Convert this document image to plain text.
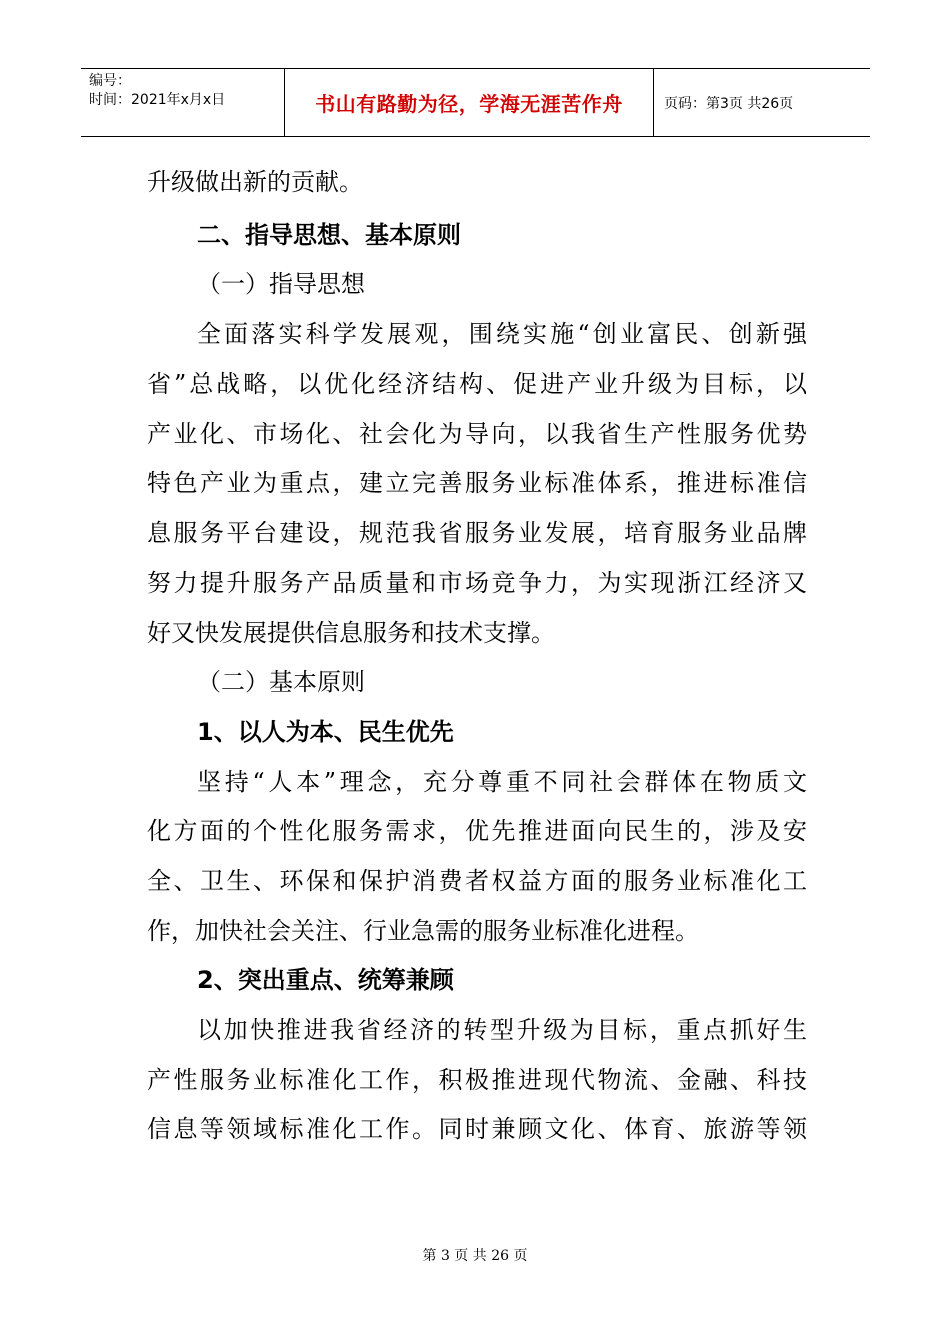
编号：
时间：2021年x月x日	书山有路勤为径，学海无涯苦作舟	页码：第3页 共26页
升级做出新的贡献。
二、指导思想、基本原则
（一）指导思想
全面落实科学发展观，围绕实施“创业富民、创新强
省”总战略，以优化经济结构、促进产业升级为目标，以
产业化、市场化、社会化为导向，以我省生产性服务优势
特色产业为重点，建立完善服务业标准体系，推进标准信
息服务平台建设，规范我省服务业发展，培育服务业品牌
努力提升服务产品质量和市场竞争力，为实现浙江经济又
好又快发展提供信息服务和技术支撑。
（二）基本原则
1、以人为本、民生优先
坚持“人本”理念，充分尊重不同社会群体在物质文
化方面的个性化服务需求，优先推进面向民生的，涉及安
全、卫生、环保和保护消费者权益方面的服务业标准化工
作，加快社会关注、行业急需的服务业标准化进程。
2、突出重点、统筹兼顾
以加快推进我省经济的转型升级为目标，重点抓好生
产性服务业标准化工作，积极推进现代物流、金融、科技
信息等领域标准化工作。同时兼顾文化、体育、旅游等领
第 3 页 共 26 页
